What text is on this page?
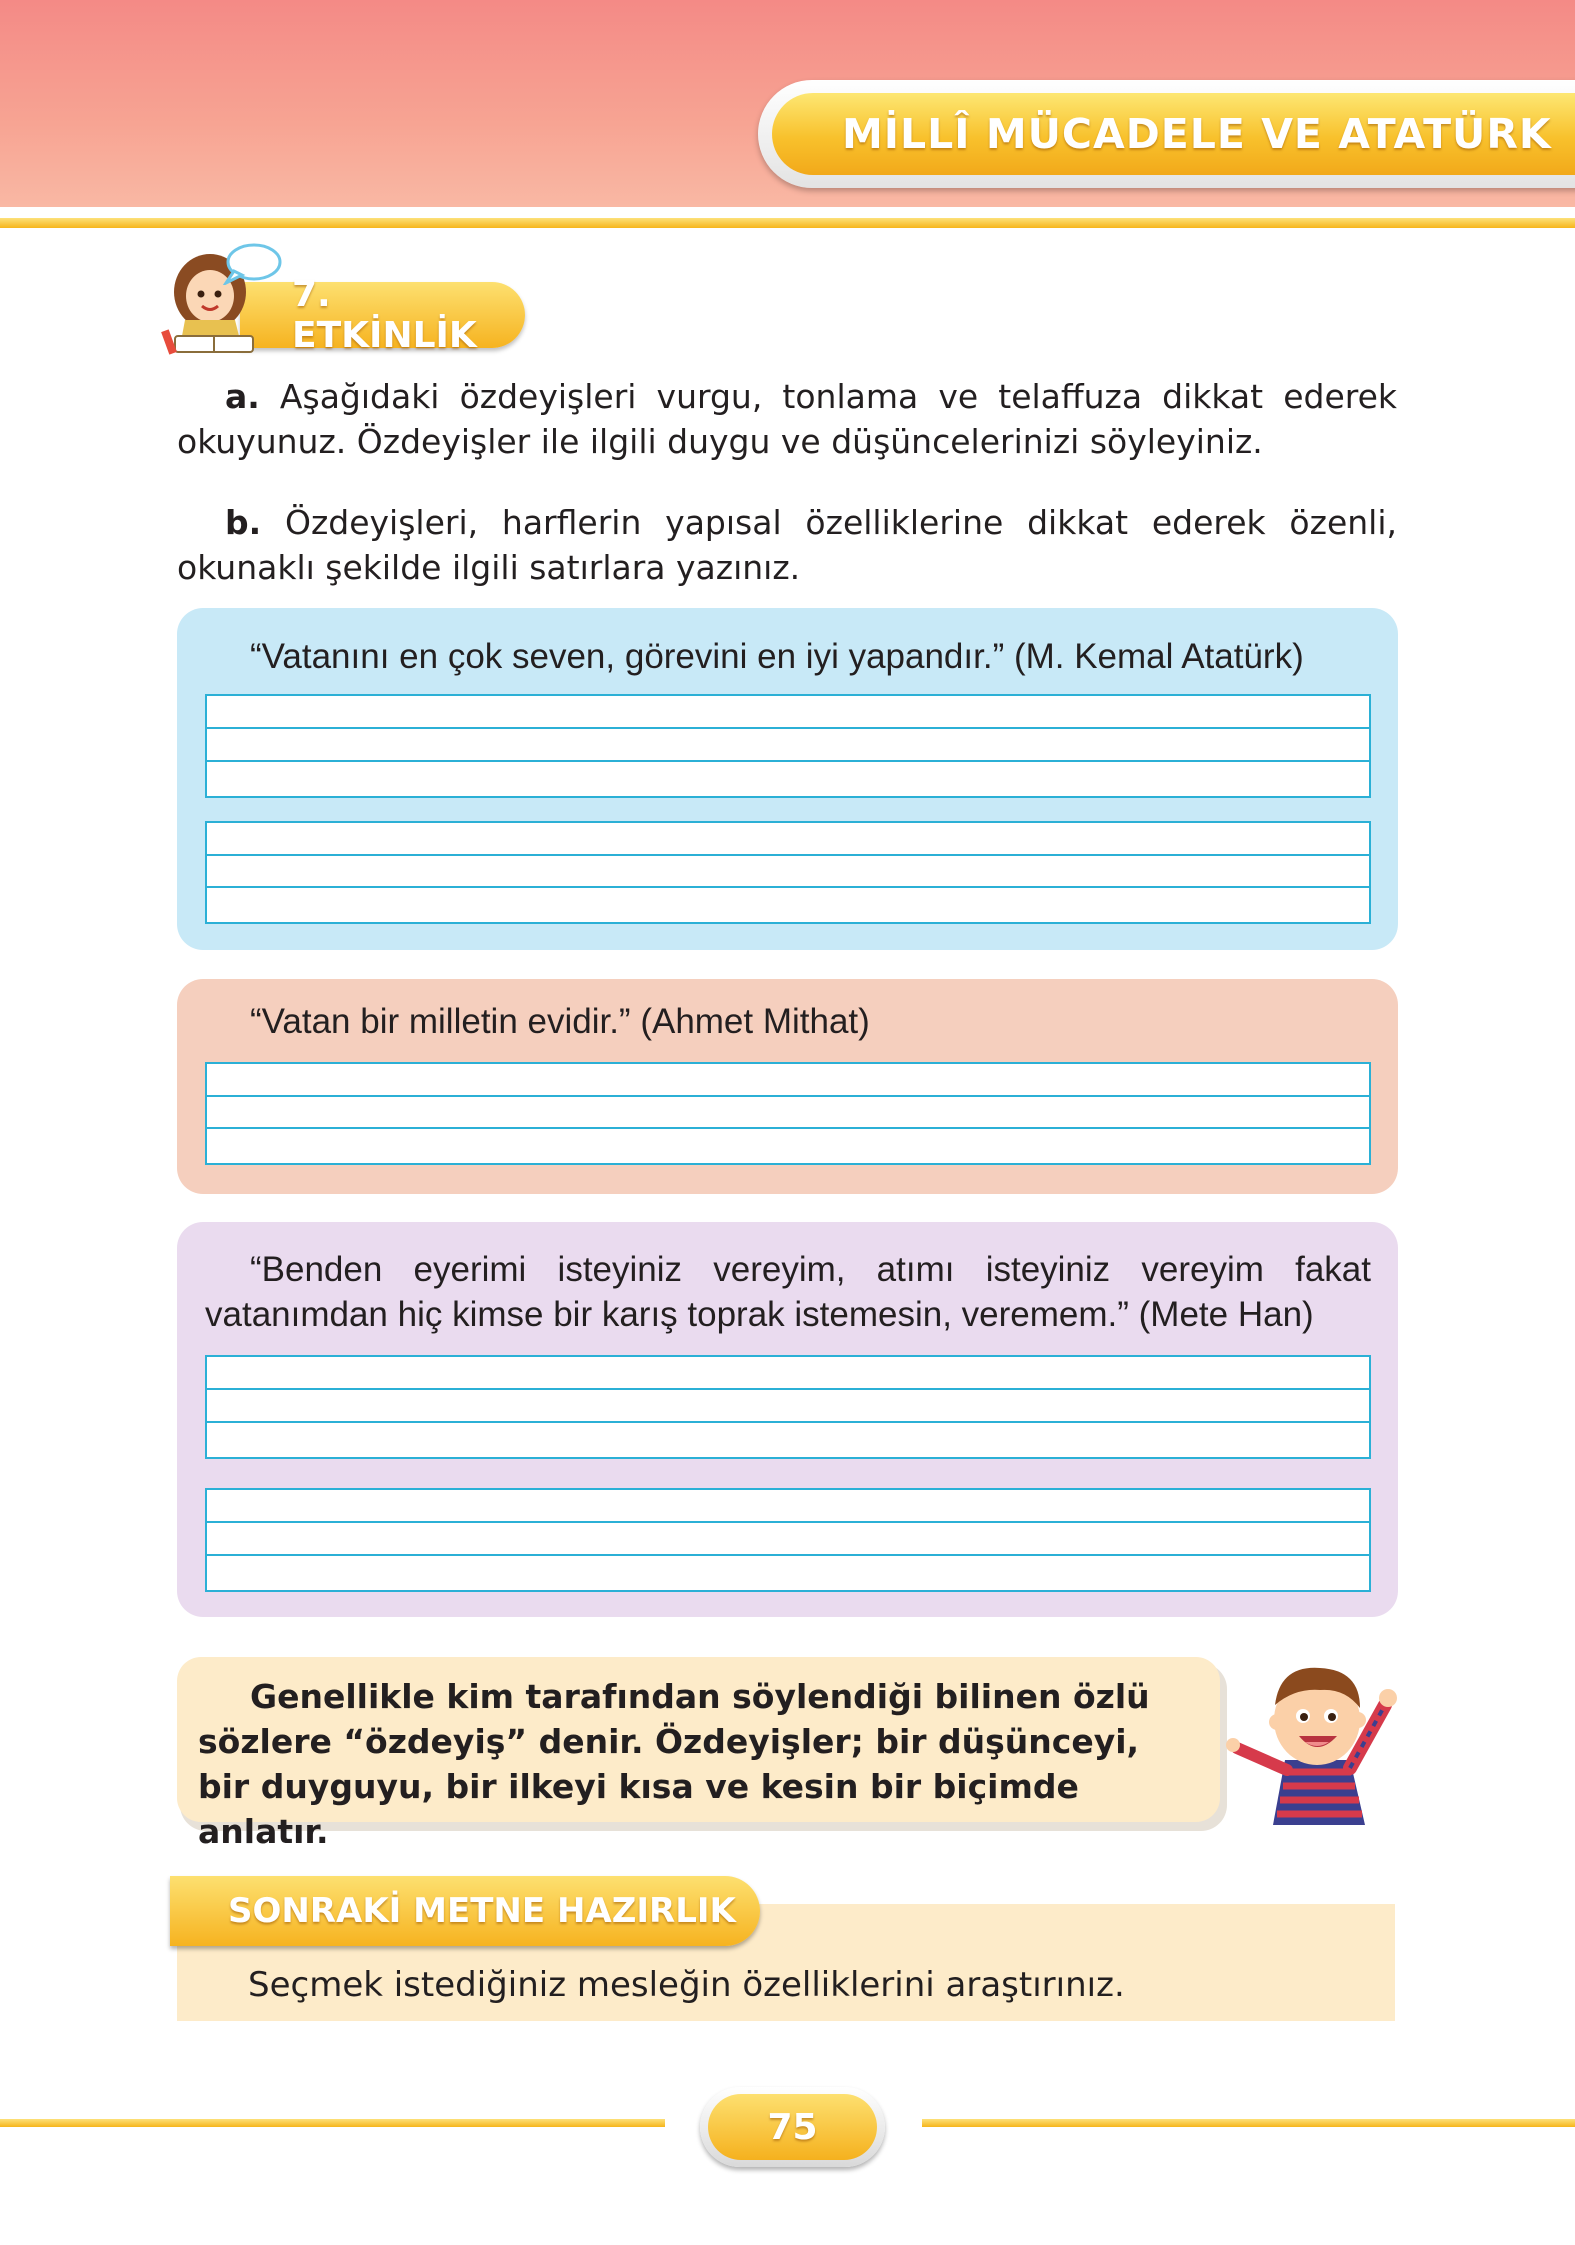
MİLLÎ MÜCADELE VE ATATÜRK
7. ETKİNLİK
a. Aşağıdaki özdeyişleri vurgu, tonlama ve telaffuza dikkat ederek okuyunuz. Özdeyişler ile ilgili duygu ve düşüncelerinizi söyleyiniz.
b. Özdeyişleri, harflerin yapısal özelliklerine dikkat ederek özenli, okunaklı şekilde ilgili satırlara yazınız.
“Vatanını en çok seven, görevini en iyi yapandır.” (M. Kemal Atatürk)
“Vatan bir milletin evidir.” (Ahmet Mithat)
“Benden eyerimi isteyiniz vereyim, atımı isteyiniz vereyim fakat vatanımdan hiç kimse bir karış toprak istemesin, veremem.” (Mete Han)
Genellikle kim tarafından söylendiği bilinen özlü sözlere “özdeyiş” denir. Özdeyişler; bir düşünceyi, bir duyguyu, bir ilkeyi kısa ve kesin bir biçimde anlatır.
SONRAKİ METNE HAZIRLIK
Seçmek istediğiniz mesleğin özelliklerini araştırınız.
75
